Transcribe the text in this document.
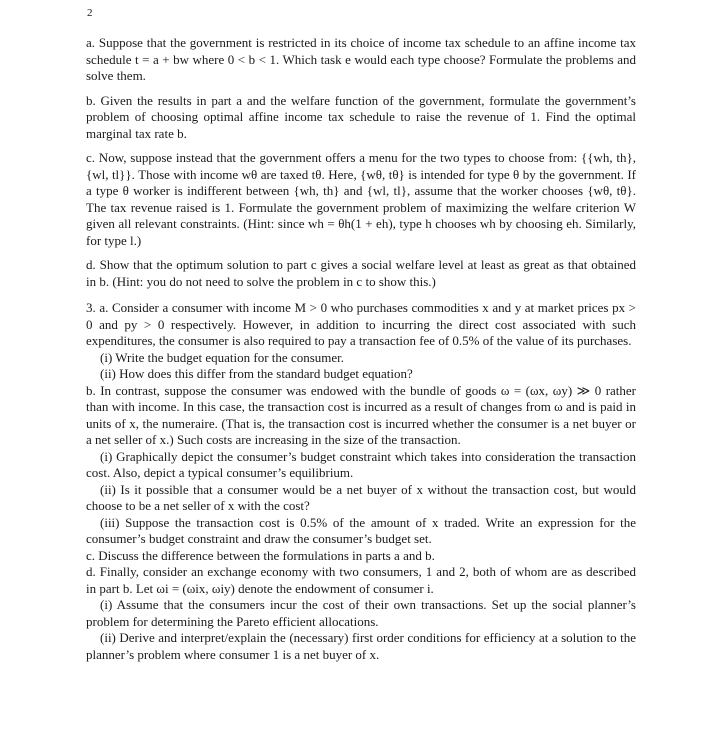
2

a. Suppose that the government is restricted in its choice of income tax schedule to an affine income tax schedule t = a + bw where 0 < b < 1. Which task e would each type choose? Formulate the problems and solve them.

b. Given the results in part a and the welfare function of the government, formulate the government’s problem of choosing optimal affine income tax schedule to raise the revenue of 1. Find the optimal marginal tax rate b.

c. Now, suppose instead that the government offers a menu for the two types to choose from: {{wh, th}, {wl, tl}}. Those with income wθ are taxed tθ. Here, {wθ, tθ} is intended for type θ by the government. If a type θ worker is indifferent between {wh, th} and {wl, tl}, assume that the worker chooses {wθ, tθ}. The tax revenue raised is 1. Formulate the government problem of maximizing the welfare criterion W given all relevant constraints. (Hint: since wh = θh(1 + eh), type h chooses wh by choosing eh. Similarly, for type l.)

d. Show that the optimum solution to part c gives a social welfare level at least as great as that obtained in b. (Hint: you do not need to solve the problem in c to show this.)

3. a. Consider a consumer with income M > 0 who purchases commodities x and y at market prices px > 0 and py > 0 respectively. However, in addition to incurring the direct cost associated with such expenditures, the consumer is also required to pay a transaction fee of 0.5% of the value of its purchases.

(i) Write the budget equation for the consumer.

(ii) How does this differ from the standard budget equation?

b. In contrast, suppose the consumer was endowed with the bundle of goods ω = (ωx, ωy) ≫ 0 rather than with income. In this case, the transaction cost is incurred as a result of changes from ω and is paid in units of x, the numeraire. (That is, the transaction cost is incurred whether the consumer is a net buyer or a net seller of x.) Such costs are increasing in the size of the transaction.

(i) Graphically depict the consumer’s budget constraint which takes into consideration the transaction cost. Also, depict a typical consumer’s equilibrium.

(ii) Is it possible that a consumer would be a net buyer of x without the transaction cost, but would choose to be a net seller of x with the cost?

(iii) Suppose the transaction cost is 0.5% of the amount of x traded. Write an expression for the consumer’s budget constraint and draw the consumer’s budget set.

c. Discuss the difference between the formulations in parts a and b.

d. Finally, consider an exchange economy with two consumers, 1 and 2, both of whom are as described in part b. Let ωi = (ωix, ωiy) denote the endowment of consumer i.

(i) Assume that the consumers incur the cost of their own transactions. Set up the social planner’s problem for determining the Pareto efficient allocations.

(ii) Derive and interpret/explain the (necessary) first order conditions for efficiency at a solution to the planner’s problem where consumer 1 is a net buyer of x.
